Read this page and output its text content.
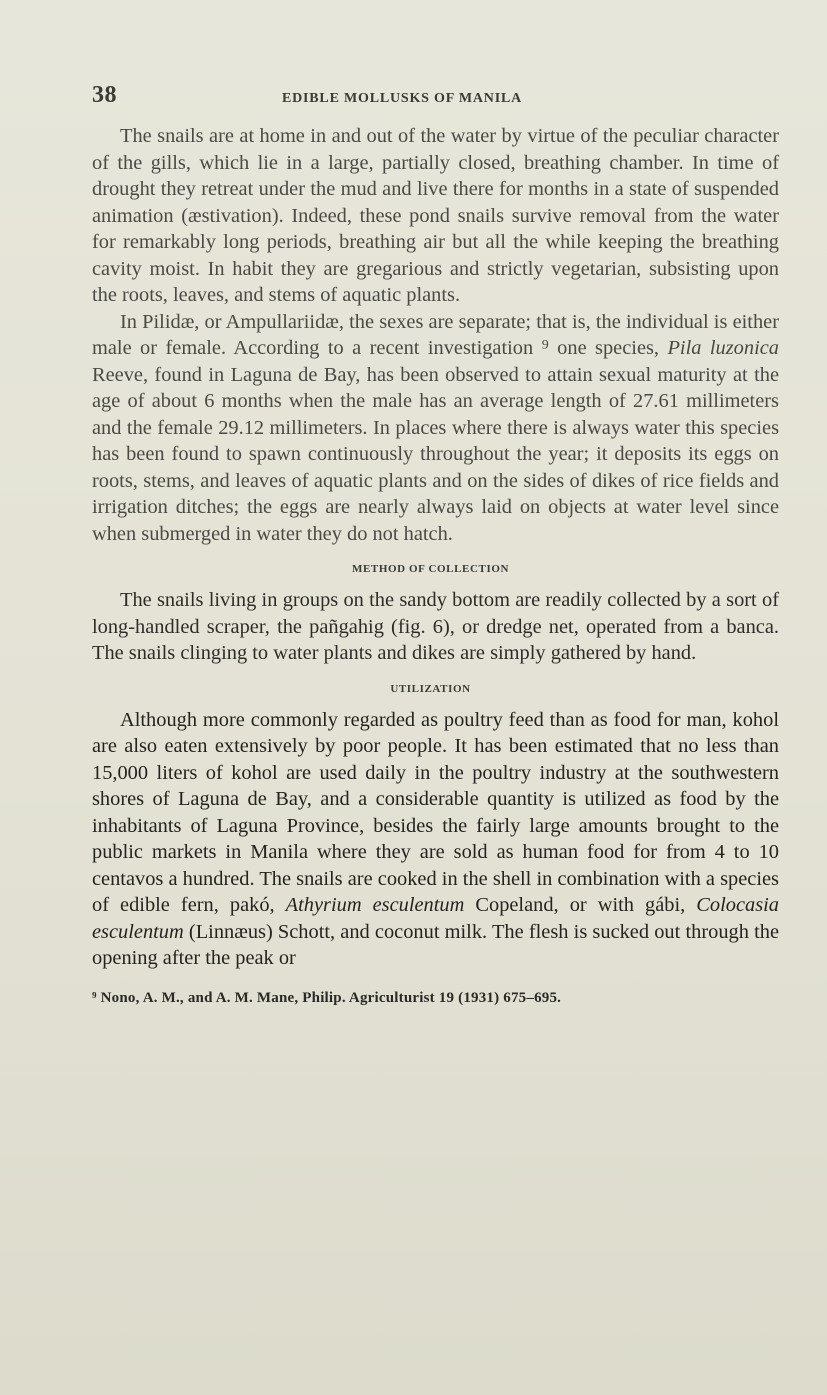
38	EDIBLE MOLLUSKS OF MANILA

The snails are at home in and out of the water by virtue of the peculiar character of the gills, which lie in a large, partially closed, breathing chamber. In time of drought they retreat under the mud and live there for months in a state of suspended animation (æstivation). Indeed, these pond snails survive removal from the water for remarkably long periods, breathing air but all the while keeping the breathing cavity moist. In habit they are gregarious and strictly vegetarian, subsisting upon the roots, leaves, and stems of aquatic plants.

In Pilidæ, or Ampullariidæ, the sexes are separate; that is, the individual is either male or female. According to a recent investigation ⁹ one species, Pila luzonica Reeve, found in Laguna de Bay, has been observed to attain sexual maturity at the age of about 6 months when the male has an average length of 27.61 millimeters and the female 29.12 millimeters. In places where there is always water this species has been found to spawn continuously throughout the year; it deposits its eggs on roots, stems, and leaves of aquatic plants and on the sides of dikes of rice fields and irrigation ditches; the eggs are nearly always laid on objects at water level since when submerged in water they do not hatch.

METHOD OF COLLECTION

The snails living in groups on the sandy bottom are readily collected by a sort of long-handled scraper, the pañgahig (fig. 6), or dredge net, operated from a banca. The snails clinging to water plants and dikes are simply gathered by hand.

UTILIZATION

Although more commonly regarded as poultry feed than as food for man, kohol are also eaten extensively by poor people. It has been estimated that no less than 15,000 liters of kohol are used daily in the poultry industry at the southwestern shores of Laguna de Bay, and a considerable quantity is utilized as food by the inhabitants of Laguna Province, besides the fairly large amounts brought to the public markets in Manila where they are sold as human food for from 4 to 10 centavos a hundred. The snails are cooked in the shell in combination with a species of edible fern, pakó, Athyrium esculentum Copeland, or with gábi, Colocasia esculentum (Linnæus) Schott, and coconut milk. The flesh is sucked out through the opening after the peak or

⁹ Nono, A. M., and A. M. Mane, Philip. Agriculturist 19 (1931) 675–695.
